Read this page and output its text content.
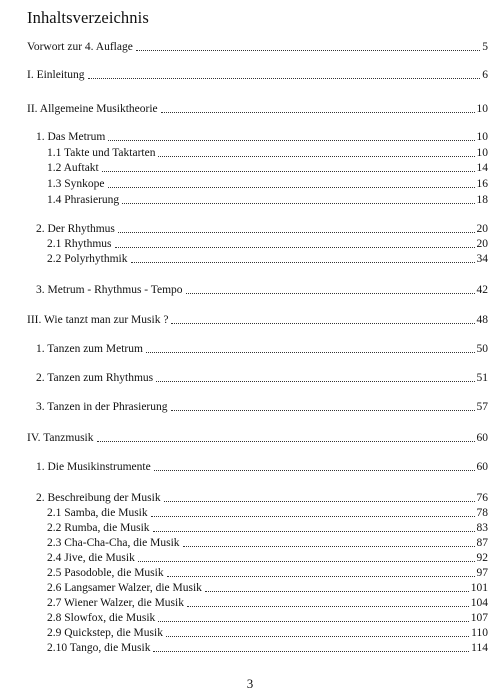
Inhaltsverzeichnis
Vorwort zur 4. Auflage	5
I. Einleitung	6
II. Allgemeine Musiktheorie	10
1. Das Metrum	10
1.1 Takte und Taktarten	10
1.2 Auftakt	14
1.3 Synkope	16
1.4 Phrasierung	18
2. Der Rhythmus	20
2.1 Rhythmus	20
2.2 Polyrhythmik	34
3. Metrum - Rhythmus - Tempo	42
III. Wie tanzt man zur Musik ?	48
1. Tanzen zum Metrum	50
2. Tanzen zum Rhythmus	51
3. Tanzen in der Phrasierung	57
IV. Tanzmusik	60
1. Die Musikinstrumente	60
2. Beschreibung der Musik	76
2.1 Samba, die Musik	78
2.2 Rumba, die Musik	83
2.3 Cha-Cha-Cha, die Musik	87
2.4 Jive, die Musik	92
2.5 Pasodoble, die Musik	97
2.6 Langsamer Walzer, die Musik	101
2.7 Wiener Walzer, die Musik	104
2.8 Slowfox, die Musik	107
2.9 Quickstep, die Musik	110
2.10 Tango, die Musik	114
3
